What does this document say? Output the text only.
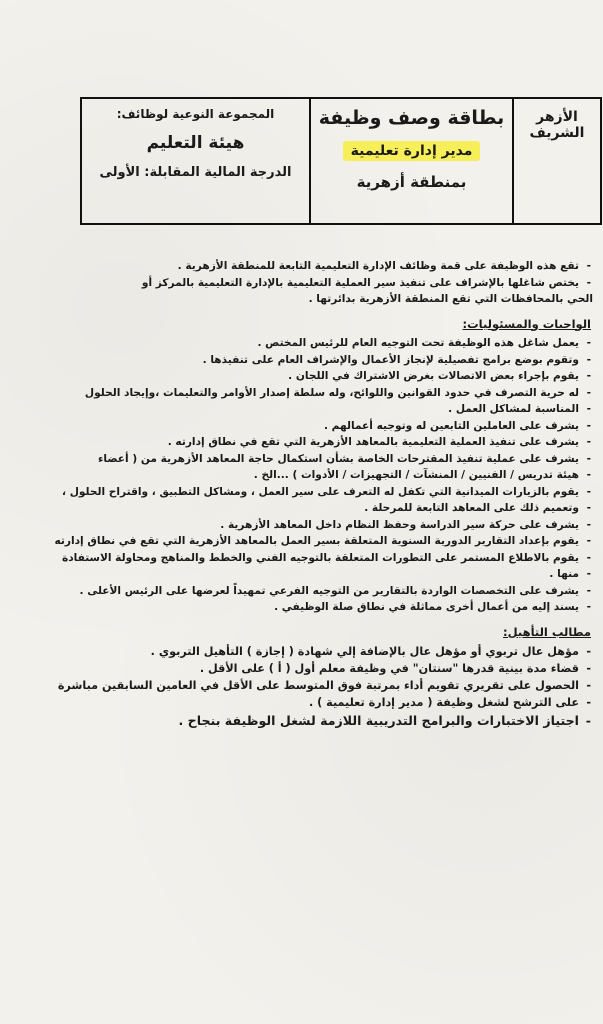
الأزهر الشريف
بطاقة وصف وظيفة
مدير إدارة تعليمية
بمنطقة أزهرية
المجموعة النوعية لوظائف:
هيئة التعليم
الدرجة المالية المقابلة: الأولى
- تقع هذه الوظيفة على قمة وظائف الإدارة التعليمية التابعة للمنطقة الأزهرية .
- يختص شاغلها بالإشراف على تنفيذ سير العملية التعليمية بالإدارة التعليمية بالمركز أو
الحي بالمحافظات التي تقع المنطقة الأزهرية بدائرتها .
الواجبات والمسئوليات:
- يعمل شاغل هذه الوظيفة تحت التوجيه العام للرئيس المختص .
- وتقوم بوضع برامج تفصيلية لإنجاز الأعمال والإشراف العام على تنفيذها .
- يقوم بإجراء بعض الاتصالات بغرض الاشتراك في اللجان .
- له حرية التصرف في حدود القوانين واللوائح، وله سلطة إصدار الأوامر والتعليمات ،وإيجاد الحلول
- المناسبة لمشاكل العمل .
- يشرف على العاملين التابعين له وتوجيه أعمالهم .
- يشرف على تنفيذ العملية التعليمية بالمعاهد الأزهرية التي تقع في نطاق إدارته .
- يشرف على عملية تنفيذ المقترحات الخاصة بشأن استكمال حاجة المعاهد الأزهرية من ( أعضاء
- هيئة تدريس / الفنيين / المنشآت / التجهيزات / الأدوات ) ...الخ .
- يقوم بالزيارات الميدانية التي تكفل له التعرف على سير العمل ، ومشاكل التطبيق ، واقتراح الحلول ،
- وتعميم ذلك على المعاهد التابعة للمرحلة .
- يشرف على حركة سير الدراسة وحفظ النظام داخل المعاهد الأزهرية .
- يقوم بإعداد التقارير الدورية السنوية المتعلقة بسير العمل بالمعاهد الأزهرية التي تقع في نطاق إدارته
- يقوم بالاطلاع المستمر على التطورات المتعلقة بالتوجيه الفني والخطط والمناهج ومحاولة الاستفادة
- منها .
- يشرف على التخصصات الواردة بالتقارير من التوجيه الفرعي تمهيداً لعرضها على الرئيس الأعلى .
- يسند إليه من أعمال أخرى مماثلة في نطاق صلة الوظيفي .
مطالب التأهيل:
- مؤهل عال تربوي أو مؤهل عال بالإضافة إلي شهادة ( إجازة ) التأهيل التربوي .
- قضاء مدة بينية قدرها "سنتان" في وظيفة معلم أول ( أ ) على الأقل .
- الحصول على تقريري تقويم أداء بمرتبة فوق المتوسط على الأقل في العامين السابقين مباشرة
- على الترشح لشغل وظيفة ( مدير إدارة تعليمية ) .
- اجتياز الاختبارات والبرامج التدريبية اللازمة لشغل الوظيفة بنجاح .
